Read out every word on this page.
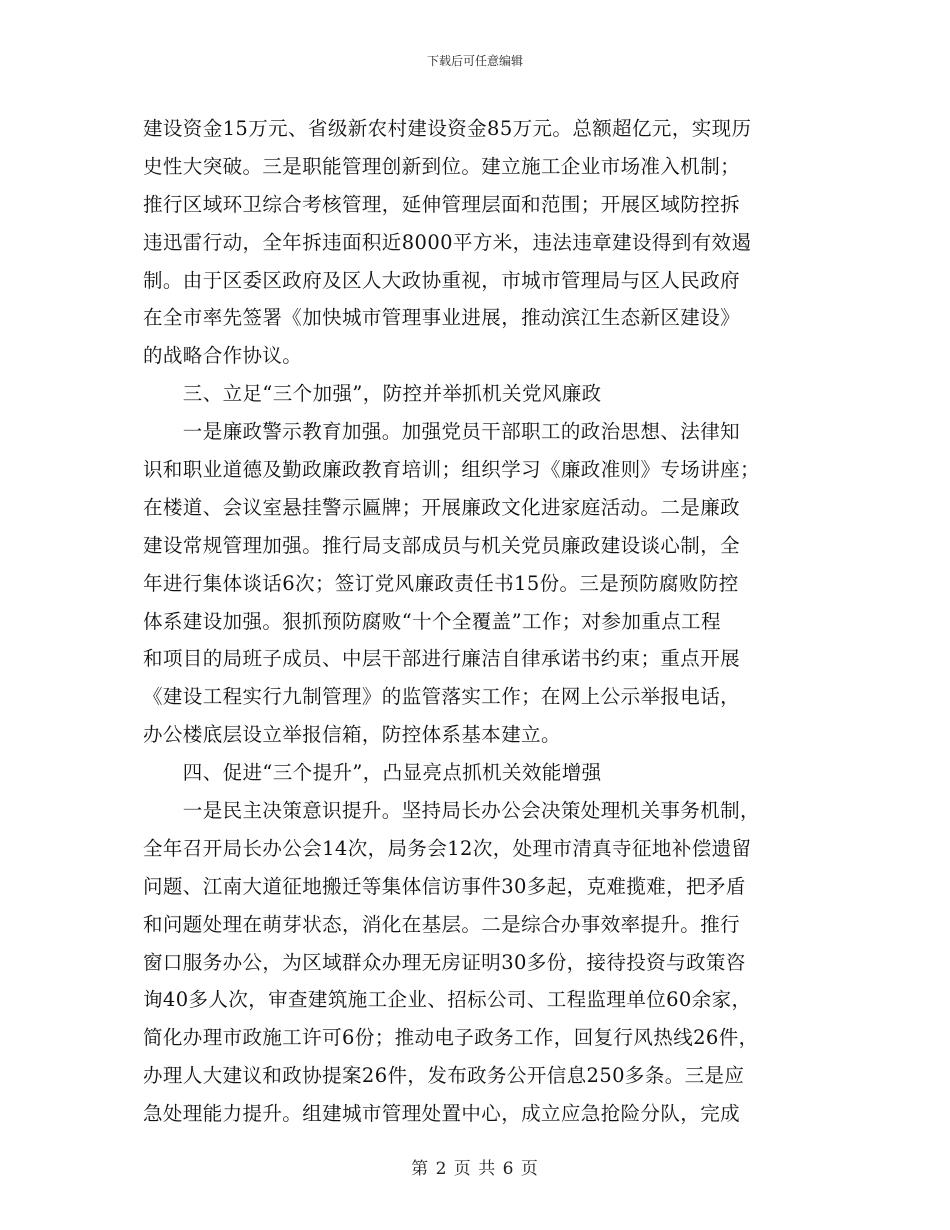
下载后可任意编辑
建设资金15万元、省级新农村建设资金85万元。总额超亿元，实现历
史性大突破。三是职能管理创新到位。建立施工企业市场准入机制；
推行区域环卫综合考核管理，延伸管理层面和范围；开展区域防控拆
违迅雷行动，全年拆违面积近8000平方米，违法违章建设得到有效遏
制。由于区委区政府及区人大政协重视，市城市管理局与区人民政府
在全市率先签署《加快城市管理事业进展，推动滨江生态新区建设》
的战略合作协议。
　　三、立足“三个加强”，防控并举抓机关党风廉政
　　一是廉政警示教育加强。加强党员干部职工的政治思想、法律知
识和职业道德及勤政廉政教育培训；组织学习《廉政准则》专场讲座；
在楼道、会议室悬挂警示匾牌；开展廉政文化进家庭活动。二是廉政
建设常规管理加强。推行局支部成员与机关党员廉政建设谈心制，全
年进行集体谈话6次；签订党风廉政责任书15份。三是预防腐败防控
体系建设加强。狠抓预防腐败“十个全覆盖”工作；对参加重点工程
和项目的局班子成员、中层干部进行廉洁自律承诺书约束；重点开展
《建设工程实行九制管理》的监管落实工作；在网上公示举报电话，
办公楼底层设立举报信箱，防控体系基本建立。
　　四、促进“三个提升”，凸显亮点抓机关效能增强
　　一是民主决策意识提升。坚持局长办公会决策处理机关事务机制，
全年召开局长办公会14次，局务会12次，处理市清真寺征地补偿遗留
问题、江南大道征地搬迁等集体信访事件30多起，克难揽难，把矛盾
和问题处理在萌芽状态，消化在基层。二是综合办事效率提升。推行
窗口服务办公，为区域群众办理无房证明30多份，接待投资与政策咨
询40多人次，审查建筑施工企业、招标公司、工程监理单位60余家，
简化办理市政施工许可6份；推动电子政务工作，回复行风热线26件，
办理人大建议和政协提案26件，发布政务公开信息250多条。三是应
急处理能力提升。组建城市管理处置中心，成立应急抢险分队，完成
第 2 页 共 6 页
